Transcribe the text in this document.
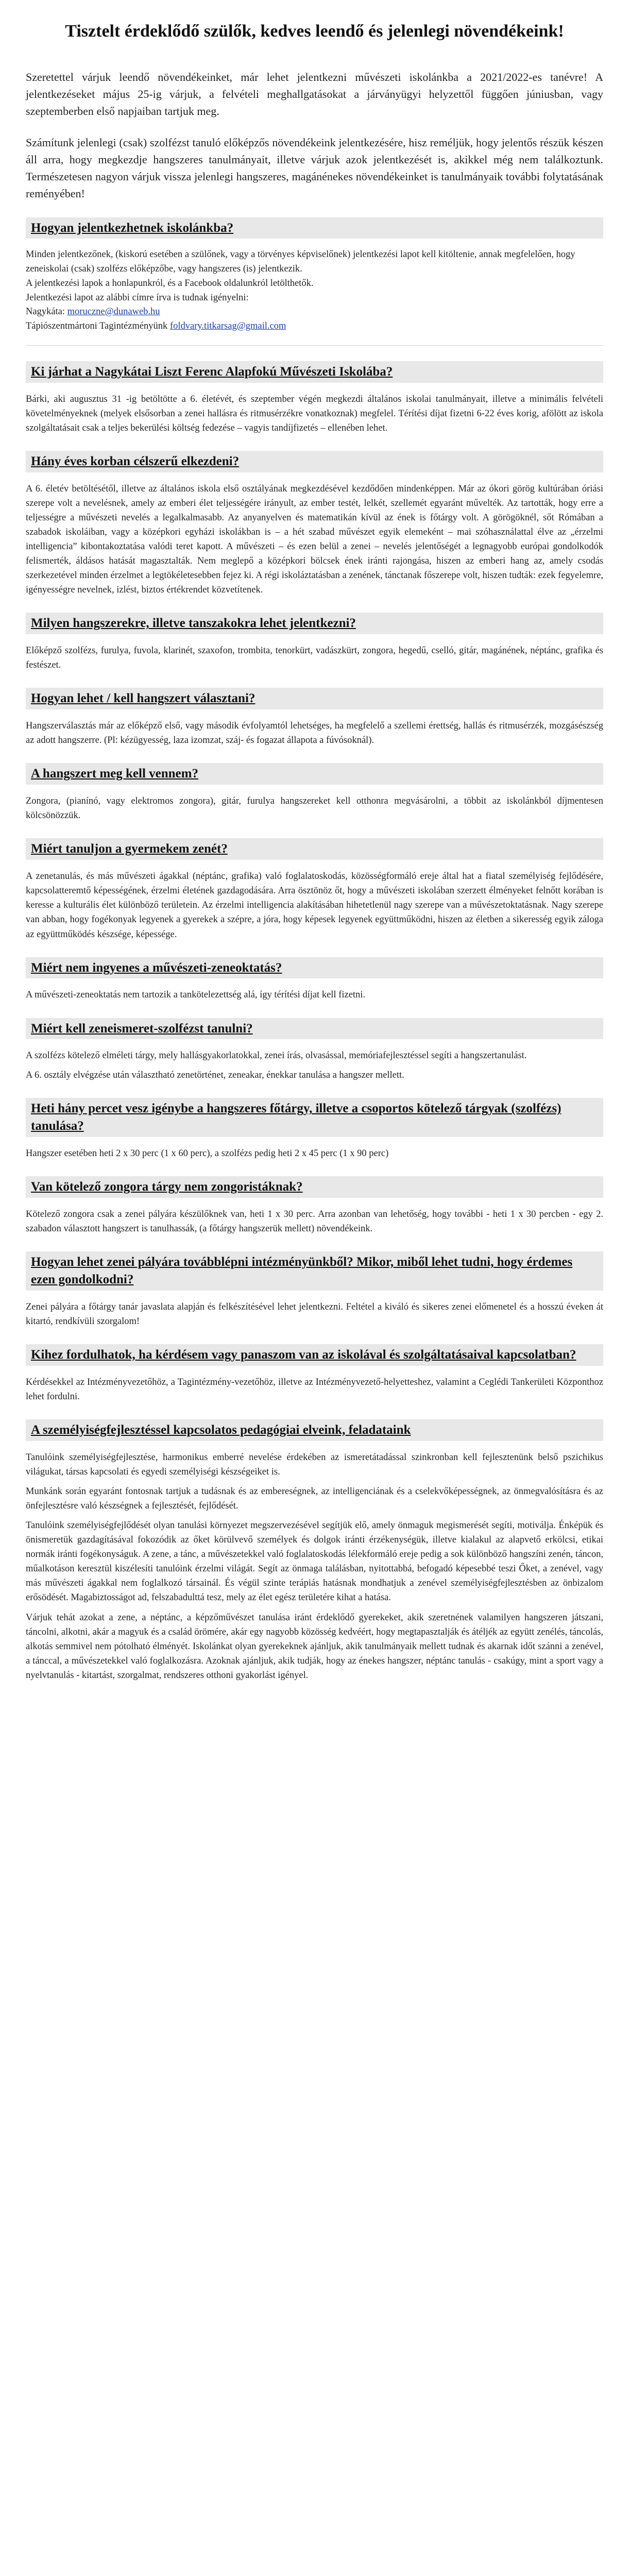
Tisztelt érdeklődő szülők, kedves leendő és jelenlegi növendékeink!

Szeretettel várjuk leendő növendékeinket, már lehet jelentkezni művészeti iskolánkba a 2021/2022-es tanévre! A jelentkezéseket május 25-ig várjuk, a felvételi meghallgatásokat a járványügyi helyzettől függően júniusban, vagy szeptemberben első napjaiban tartjuk meg.

Számítunk jelenlegi (csak) szolfézst tanuló előképzős növendékeink jelentkezésére, hisz reméljük, hogy jelentős részük készen áll arra, hogy megkezdje hangszeres tanulmányait, illetve várjuk azok jelentkezését is, akikkel még nem találkoztunk. Természetesen nagyon várjuk vissza jelenlegi hangszeres, magánénekes növendékeinket is tanulmányaik további folytatásának reményében!

Hogyan jelentkezhetnek iskolánkba?

Minden jelentkezőnek, (kiskorú esetében a szülőnek, vagy a törvényes képviselőnek) jelentkezési lapot kell kitöltenie, annak megfelelően, hogy zeneiskolai (csak) szolfézs előképzőbe, vagy hangszeres (is) jelentkezik.

A jelentkezési lapok a honlapunkról, és a Facebook oldalunkról letölthetők.

Jelentkezési lapot az alábbi címre írva is tudnak igényelni:

Nagykáta: moruczne@dunaweb.hu

Tápiószentmártoni Tagintézményünk foldvary.titkarsag@gmail.com

Ki járhat a Nagykátai Liszt Ferenc Alapfokú Művészeti Iskolába?

Bárki, aki augusztus 31 -ig betöltötte a 6. életévét, és szeptember végén megkezdi általános iskolai tanulmányait, illetve a minimális felvételi követelményeknek (melyek elsősorban a zenei hallásra és ritmusérzékre vonatkoznak) megfelel. Térítési díjat fizetni 6-22 éves korig, afölött az iskola szolgáltatásait csak a teljes bekerülési költség fedezése – vagyis tandíjfizetés – ellenében lehet.

Hány éves korban célszerű elkezdeni?

A 6. életév betöltésétől, illetve az általános iskola első osztályának megkezdésével kezdődően mindenképpen. Már az ókori görög kultúrában óriási szerepe volt a nevelésnek, amely az emberi élet teljességére irányult, az ember testét, lelkét, szellemét egyaránt művelték. Az tartották, hogy erre a teljességre a művészeti nevelés a legalkalmasabb. Az anyanyelven és matematikán kívül az ének is főtárgy volt. A görögöknél, sőt Rómában a szabadok iskoláiban, vagy a középkori egyházi iskolákban is – a hét szabad művészet egyik elemeként – mai szóhasználattal élve az „érzelmi intelligencia” kibontakoztatása valódi teret kapott. A művészeti – és ezen belül a zenei – nevelés jelentőségét a legnagyobb európai gondolkodók felismerték, áldásos hatását magasztalták. Nem meglepő a középkori bölcsek ének iránti rajongása, hiszen az emberi hang az, amely csodás szerkezetével minden érzelmet a legtökéletesebben fejez ki. A régi iskoláztatásban a zenének, tánctanak főszerepe volt, hiszen tudták: ezek fegyelemre, igényességre nevelnek, izlést, biztos értékrendet közvetítenek.

Milyen hangszerekre, illetve tanszakokra lehet jelentkezni?

Előképző szolfézs, furulya, fuvola, klarinét, szaxofon, trombita, tenorkürt, vadászkürt, zongora, hegedű, cselló, gitár, magánének, néptánc, grafika és festészet.

Hogyan lehet / kell hangszert választani?

Hangszerválasztás már az előképző első, vagy második évfolyamtól lehetséges, ha megfelelő a szellemi érettség, hallás és ritmusérzék, mozgásészség az adott hangszerre. (Pl: kézügyesség, laza izomzat, száj- és fogazat állapota a fúvósoknál).

A hangszert meg kell vennem?

Zongora, (pianínó, vagy elektromos zongora), gitár, furulya hangszereket kell otthonra megvásárolni, a többit az iskolánkból díjmentesen kölcsönözzük.

Miért tanuljon a gyermekem zenét?

A zenetanulás, és más művészeti ágakkal (néptánc, grafika) való foglalatoskodás, közösségformáló ereje által hat a fiatal személyiség fejlődésére, kapcsolatteremtő képességének, érzelmi életének gazdagodására. Arra ösztönöz őt, hogy a művészeti iskolában szerzett élményeket felnőtt korában is keresse a kulturális élet különböző területein. Az érzelmi intelligencia alakításában hihetetlenül nagy szerepe van a művészetoktatásnak. Nagy szerepe van abban, hogy fogékonyak legyenek a gyerekek a szépre, a jóra, hogy képesek legyenek együttműködni, hiszen az életben a sikeresség egyik záloga az együttműködés készsége, képessége.

Miért nem ingyenes a művészeti-zeneoktatás?

A művészeti-zeneoktatás nem tartozik a tankötelezettség alá, így térítési díjat kell fizetni.

Miért kell zeneismeret-szolfézst tanulni?

A szolfézs kötelező elméleti tárgy, mely hallásgyakorlatokkal, zenei írás, olvasással, memóriafejlesztéssel segíti a hangszertanulást.

A 6. osztály elvégzése után választható zenetörténet, zeneakar, énekkar tanulása a hangszer mellett.

Heti hány percet vesz igénybe a hangszeres főtárgy, illetve a csoportos kötelező tárgyak (szolfézs) tanulása?

Hangszer esetében heti 2 x 30 perc (1 x 60 perc), a szolfézs pedig heti 2 x 45 perc (1 x 90 perc)

Van kötelező zongora tárgy nem zongoristáknak?

Kötelező zongora csak a zenei pályára készülőknek van, heti 1 x 30 perc. Arra azonban van lehetőség, hogy további - heti 1 x 30 percben - egy 2. szabadon választott hangszert is tanulhassák, (a főtárgy hangszerük mellett) növendékeink.

Hogyan lehet zenei pályára továbblépni intézményünkből? Mikor, miből lehet tudni, hogy érdemes ezen gondolkodni?

Zenei pályára a főtárgy tanár javaslata alapján és felkészítésével lehet jelentkezni. Feltétel a kiváló és sikeres zenei előmenetel és a hosszú éveken át kitartó, rendkívüli szorgalom!

Kihez fordulhatok, ha kérdésem vagy panaszom van az iskolával és szolgáltatásaival kapcsolatban?

Kérdésekkel az Intézményvezetőhöz, a Tagintézmény-vezetőhöz, illetve az Intézményvezető-helyetteshez, valamint a Ceglédi Tankerületi Központhoz lehet fordulni.

A személyiségfejlesztéssel kapcsolatos pedagógiai elveink, feladataink

Tanulóink személyiségfejlesztése, harmonikus emberré nevelése érdekében az ismeretátadással szinkronban kell fejlesztenünk belső pszichikus világukat, társas kapcsolati és egyedi személyiségi készségeiket is.

Munkánk során egyaránt fontosnak tartjuk a tudásnak és az embereségnek, az intelligenciának és a cselekvőképességnek, az önmegvalósításra és az önfejlesztésre való készségnek a fejlesztését, fejlődését.

Tanulóink személyiségfejlődését olyan tanulási környezet megszervezésével segítjük elő, amely önmaguk megismerését segíti, motiválja. Énképük és önismeretük gazdagításával fokozódik az őket körülvevő személyek és dolgok iránti érzékenységük, illetve kialakul az alapvető erkölcsi, etikai normák iránti fogékonyságuk. A zene, a tánc, a művészetekkel való foglalatoskodás lélekformáló ereje pedig a sok különböző hangszíni zenén, táncon, műalkotáson keresztül kiszélesíti tanulóink érzelmi világát. Segít az önmaga találásban, nyitottabbá, befogadó képesebbé teszi Őket, a zenével, vagy más művészeti ágakkal nem foglalkozó társainál. És végül szinte terápiás hatásnak mondhatjuk a zenével személyiségfejlesztésben az önbizalom erősödését. Magabiztosságot ad, felszabadulttá tesz, mely az élet egész területére kihat a hatása.

Várjuk tehát azokat a zene, a néptánc, a képzőművészet tanulása iránt érdeklődő gyerekeket, akik szeretnének valamilyen hangszeren játszani, táncolni, alkotni, akár a magyuk és a család örömére, akár egy nagyobb közösség kedvéért, hogy megtapasztalják és átéljék az együtt zenélés, táncolás, alkotás semmivel nem pótolható élményét. Iskolánkat olyan gyerekeknek ajánljuk, akik tanulmányaik mellett tudnak és akarnak időt szánni a zenével, a tánccal, a művészetekkel való foglalkozásra. Azoknak ajánljuk, akik tudják, hogy az énekes hangszer, néptánc tanulás - csakúgy, mint a sport vagy a nyelvtanulás - kitartást, szorgalmat, rendszeres otthoni gyakorlást igényel.
